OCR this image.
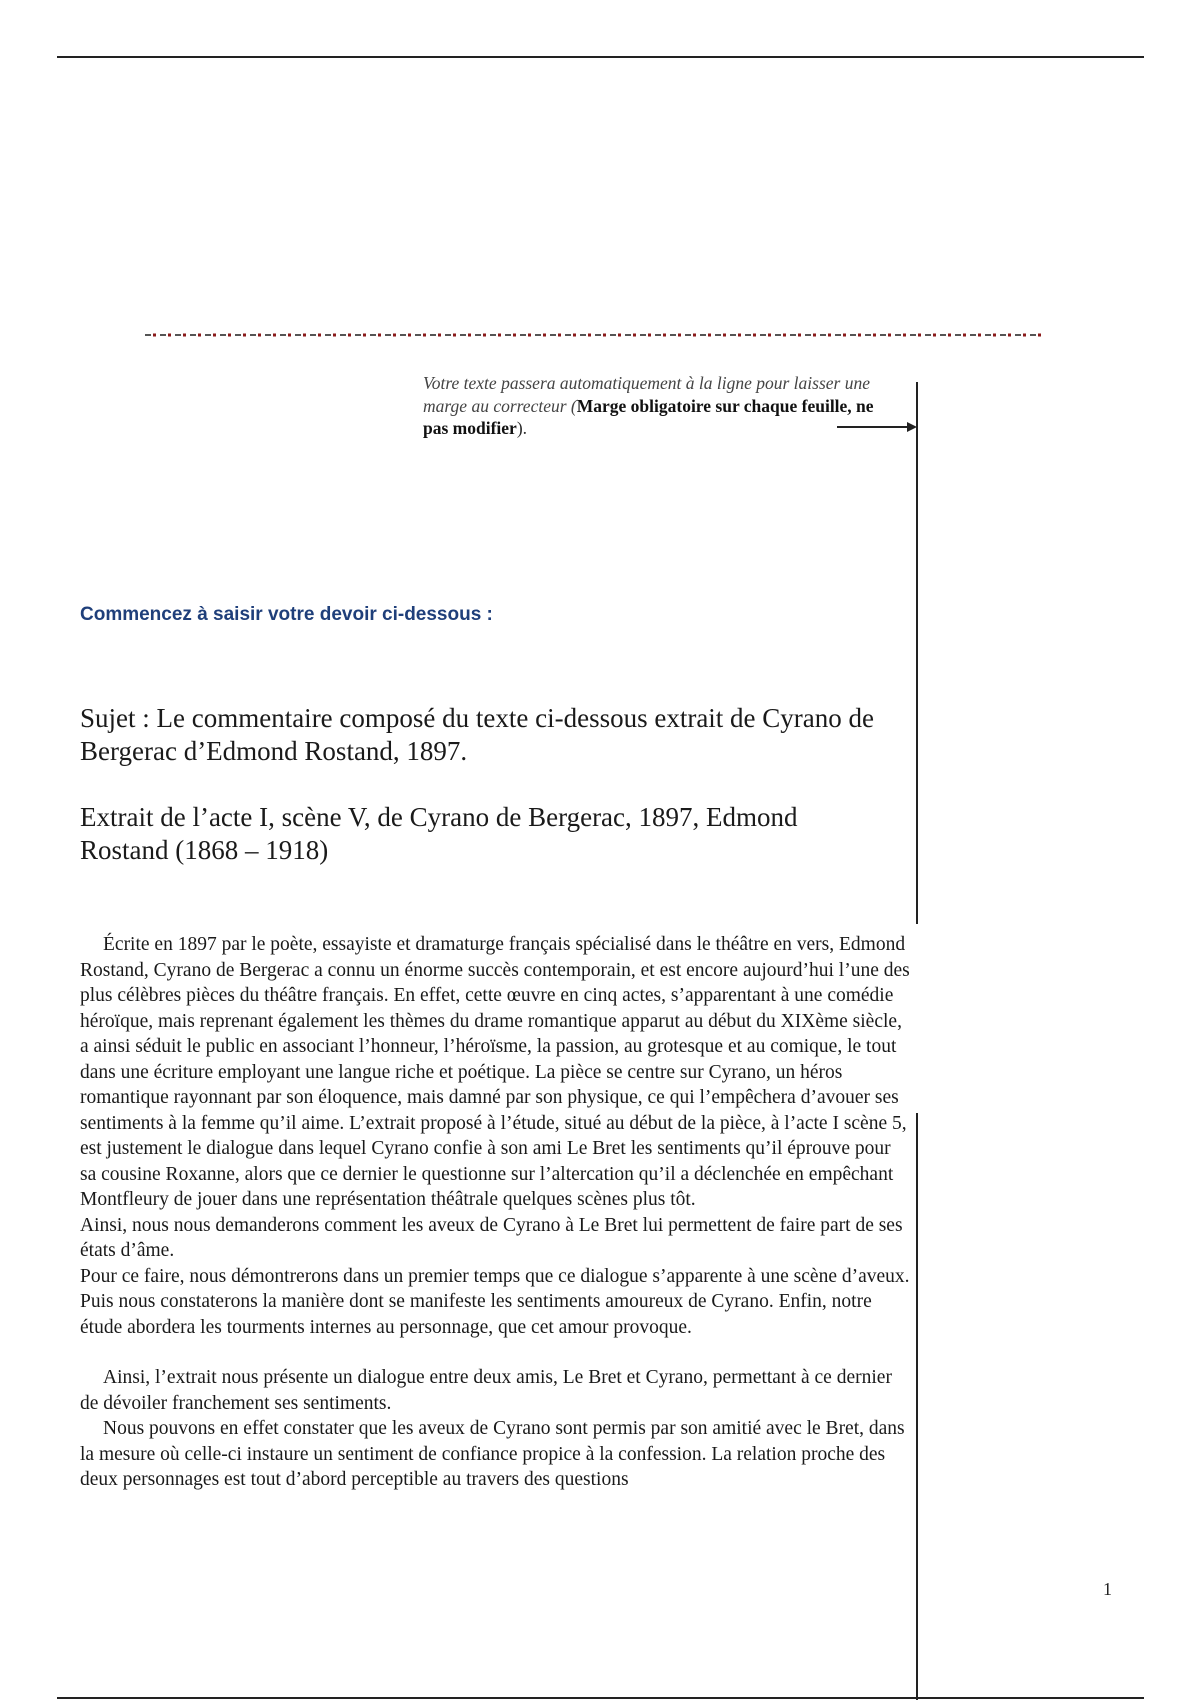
Votre texte passera automatiquement à la ligne pour laisser une marge au correcteur (Marge obligatoire sur chaque feuille, ne pas modifier).
Commencez à saisir votre devoir ci-dessous :
Sujet : Le commentaire composé du texte ci-dessous extrait de Cyrano de Bergerac d’Edmond Rostand, 1897.
Extrait de l’acte I, scène V, de Cyrano de Bergerac, 1897, Edmond Rostand (1868 – 1918)

Écrite en 1897 par le poète, essayiste et dramaturge français spécialisé dans le théâtre en vers, Edmond Rostand, Cyrano de Bergerac a connu un énorme succès contemporain, et est encore aujourd’hui l’une des plus célèbres pièces du théâtre français. En effet, cette œuvre en cinq actes, s’apparentant à une comédie héroïque, mais reprenant également les thèmes du drame romantique apparut au début du XIXème siècle, a ainsi séduit le public en associant l’honneur, l’héroïsme, la passion, au grotesque et au comique, le tout dans une écriture employant une langue riche et poétique. La pièce se centre sur Cyrano, un héros romantique rayonnant par son éloquence, mais damné par son physique, ce qui l’empêchera d’avouer ses sentiments à la femme qu’il aime. L’extrait proposé à l’étude, situé au début de la pièce, à l’acte I scène 5, est justement le dialogue dans lequel Cyrano confie à son ami Le Bret les sentiments qu’il éprouve pour sa cousine Roxanne, alors que ce dernier le questionne sur l’altercation qu’il a déclenchée en empêchant Montfleury de jouer dans une représentation théâtrale quelques scènes plus tôt.

Ainsi, nous nous demanderons comment les aveux de Cyrano à Le Bret lui permettent de faire part de ses états d’âme.

Pour ce faire, nous démontrerons dans un premier temps que ce dialogue s’apparente à une scène d’aveux. Puis nous constaterons la manière dont se manifeste les sentiments amoureux de Cyrano. Enfin, notre étude abordera les tourments internes au personnage, que cet amour provoque.

Ainsi, l’extrait nous présente un dialogue entre deux amis, Le Bret et Cyrano, permettant à ce dernier de dévoiler franchement ses sentiments.

Nous pouvons en effet constater que les aveux de Cyrano sont permis par son amitié avec le Bret, dans la mesure où celle-ci instaure un sentiment de confiance propice à la confession. La relation proche des deux personnages est tout d’abord perceptible au travers des questions

1
